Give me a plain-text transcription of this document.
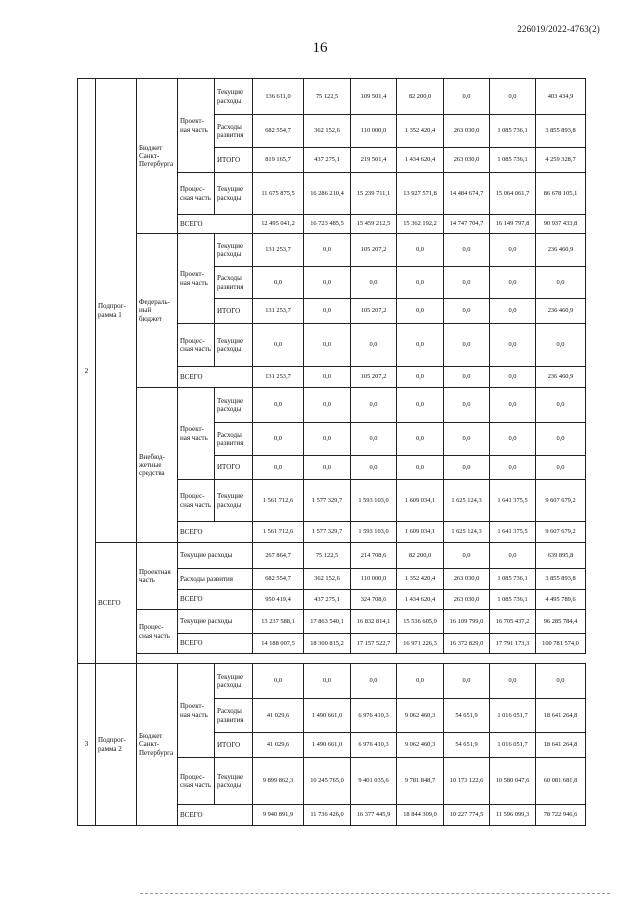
226019/2022-4763(2)
16
2	Подпрог-рамма 1	Бюджет Санкт-Петербурга	Проект-ная часть	Текущие расходы	136 611,0	75 122,5	109 501,4	82 200,0	0,0	0,0	403 434,9
				Расходы развития	682 554,7	362 152,6	110 000,0	1 352 420,4	263 030,0	1 085 736,1	3 855 893,8
				ИТОГО	819 165,7	437 275,1	219 501,4	1 434 620,4	263 030,0	1 085 736,1	4 259 328,7
			Процес-сная часть	Текущие расходы	11 675 875,5	16 286 210,4	15 239 711,1	13 927 571,8	14 484 674,7	15 064 061,7	86 678 105,1
			ВСЕГО		12 495 041,2	16 723 485,5	15 459 212,5	15 362 192,2	14 747 704,7	16 149 797,8	90 937 433,8
		Федераль-ный бюджет	Проект-ная часть	Текущие расходы	131 253,7	0,0	105 207,2	0,0	0,0	0,0	236 460,9
				Расходы развития	0,0	0,0	0,0	0,0	0,0	0,0	0,0
				ИТОГО	131 253,7	0,0	105 207,2	0,0	0,0	0,0	236 460,9
			Процес-сная часть	Текущие расходы	0,0	0,0	0,0	0,0	0,0	0,0	0,0
			ВСЕГО		131 253,7	0,0	105 207,2	0,0	0,0	0,0	236 460,9
		Внебюд-жетные средства	Проект-ная часть	Текущие расходы	0,0	0,0	0,0	0,0	0,0	0,0	0,0
				Расходы развития	0,0	0,0	0,0	0,0	0,0	0,0	0,0
				ИТОГО	0,0	0,0	0,0	0,0	0,0	0,0	0,0
			Процес-сная часть	Текущие расходы	1 561 712,6	1 577 329,7	1 593 103,0	1 609 034,1	1 625 124,3	1 641 375,5	9 607 679,2
			ВСЕГО		1 561 712,6	1 577 329,7	1 593 103,0	1 609 034,1	1 625 124,3	1 641 375,5	9 607 679,2
	ВСЕГО	Проектная часть	Текущие расходы		267 864,7	75 122,5	214 708,6	82 200,0	0,0	0,0	639 895,8
			Расходы развития		682 554,7	362 152,6	110 000,0	1 352 420,4	263 030,0	1 085 736,1	3 855 893,8
			ВСЕГО		950 419,4	437 275,1	324 708,6	1 434 620,4	263 030,0	1 085 736,1	4 495 789,6
		Процес-сная часть	Текущие расходы		13 237 588,1	17 863 540,1	16 832 814,1	15 536 605,9	16 109 799,0	16 705 437,2	96 285 784,4
			ВСЕГО		14 188 007,5	18 300 815,2	17 157 522,7	16 971 226,3	16 372 829,0	17 791 173,3	100 781 574,0

3	Подпрог-рамма 2	Бюджет Санкт-Петербурга	Проект-ная часть	Текущие расходы	0,0	0,0	0,0	0,0	0,0	0,0	0,0
				Расходы развития	41 029,6	1 490 661,0	6 976 410,3	9 062 460,3	54 651,9	1 016 051,7	18 641 264,8
				ИТОГО	41 029,6	1 490 661,0	6 976 410,3	9 062 460,3	54 651,9	1 016 051,7	18 641 264,8
			Процес-сная часть	Текущие расходы	9 899 862,3	10 245 765,0	9 401 035,6	9 781 848,7	10 173 122,6	10 580 047,6	60 081 681,8
			ВСЕГО		9 940 891,9	11 736 426,0	16 377 445,9	18 844 309,0	10 227 774,5	11 596 099,3	78 722 946,6
